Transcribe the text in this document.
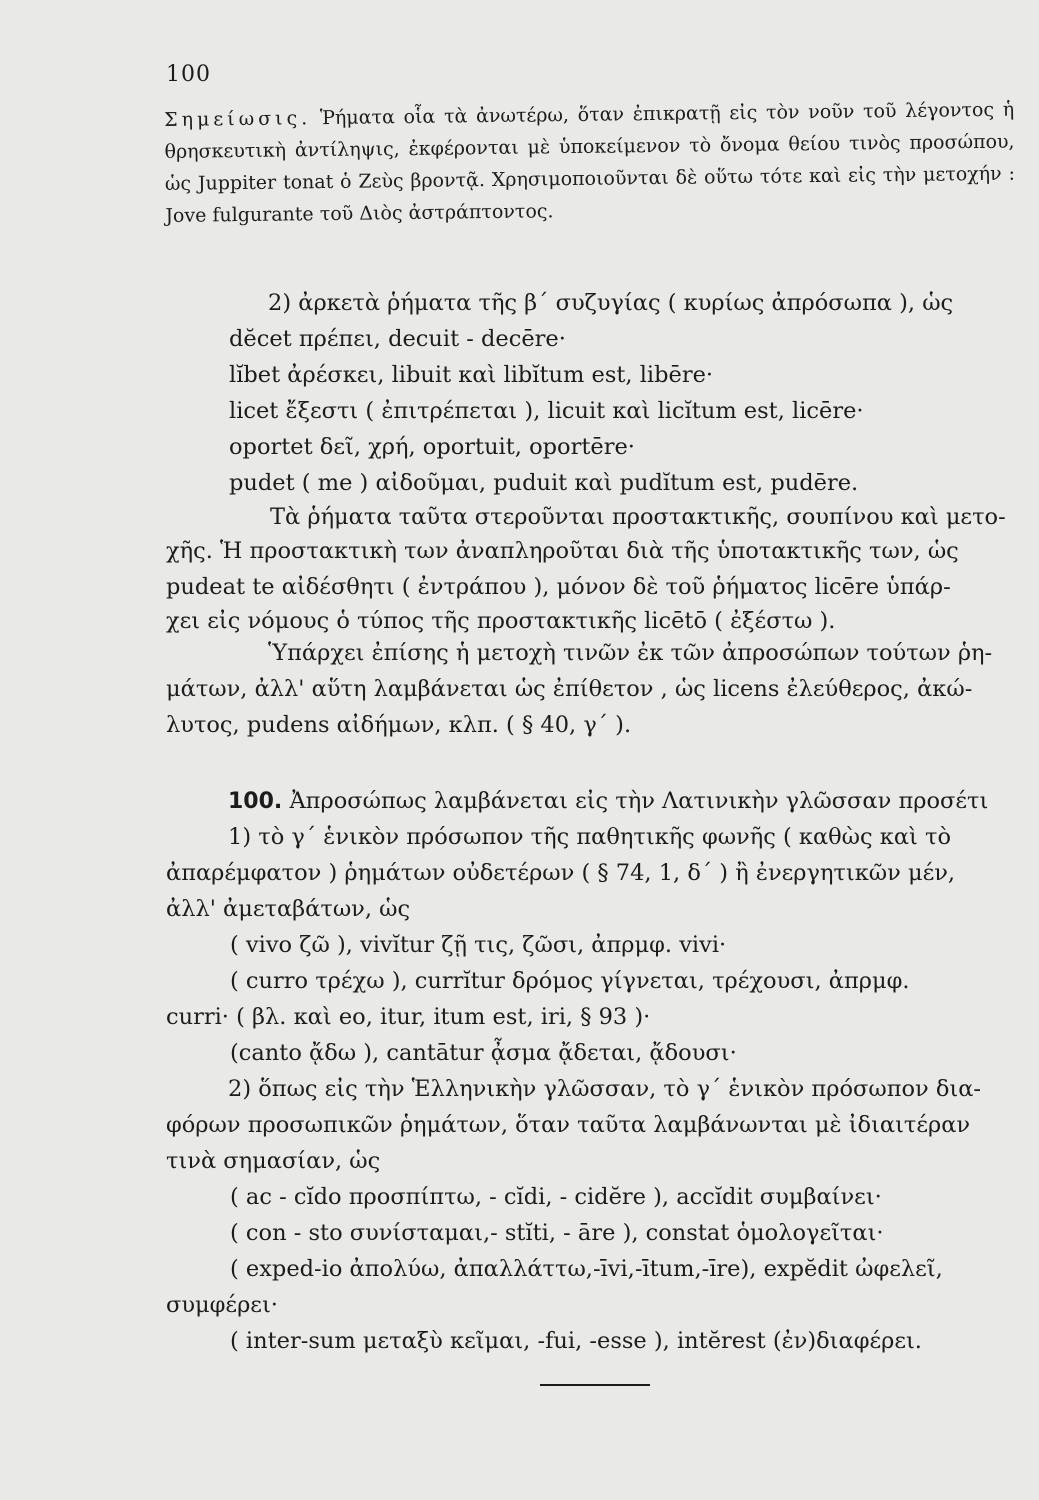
100
Σημείωσις. Ῥήματα οἷα τὰ ἀνωτέρω, ὅταν ἐπικρατῇ εἰς τὸν νοῦν τοῦ λέγοντος ἡ θρησκευτικὴ ἀντίληψις, ἐκφέρονται μὲ ὑποκείμενον τὸ ὄνομα θείου τινὸς προσώπου, ὡς Juppiter tonat ὁ Ζεὺς βροντᾷ. Χρησιμοποιοῦνται δὲ οὕτω τότε καὶ εἰς τὴν μετοχήν : Jove fulgurante τοῦ Διὸς ἀστράπτοντος.
2) ἀρκετὰ ῥήματα τῆς β΄ συζυγίας ( κυρίως ἀπρόσωπα ), ὡς
dĕcet πρέπει, decuit - decēre·
lĭbet ἀρέσκει, libuit καὶ libĭtum est, libēre·
licet ἔξεστι ( ἐπιτρέπεται ), licuit καὶ licĭtum est, licēre·
oportet δεῖ, χρή, oportuit, oportēre·
pudet ( me ) αἰδοῦμαι, puduit καὶ pudĭtum est, pudēre.
Τὰ ῥήματα ταῦτα στεροῦνται προστακτικῆς, σουπίνου καὶ μετο-
χῆς. Ἡ προστακτικὴ των ἀναπληροῦται διὰ τῆς ὑποτακτικῆς των, ὡς
pudeat te αἰδέσθητι ( ἐντράπου ), μόνον δὲ τοῦ ῥήματος licēre ὑπάρ-
χει εἰς νόμους ὁ τύπος τῆς προστακτικῆς licētō ( ἐξέστω ).
Ὑπάρχει ἐπίσης ἡ μετοχὴ τινῶν ἐκ τῶν ἀπροσώπων τούτων ῥη-
μάτων, ἀλλ' αὕτη λαμβάνεται ὡς ἐπίθετον , ὡς licens ἐλεύθερος, ἀκώ-
λυτος, pudens αἰδήμων, κλπ. ( § 40, γ΄ ).
100. Ἀπροσώπως λαμβάνεται εἰς τὴν Λατινικὴν γλῶσσαν προσέτι
1) τὸ γ΄ ἑνικὸν πρόσωπον τῆς παθητικῆς φωνῆς ( καθὼς καὶ τὸ
ἀπαρέμφατον ) ῥημάτων οὐδετέρων ( § 74, 1, δ΄ ) ἢ ἐνεργητικῶν μέν,
ἀλλ' ἀμεταβάτων, ὡς
( vivo ζῶ ), vivĭtur ζῇ τις, ζῶσι, ἀπρμφ. vivi·
( curro τρέχω ), currĭtur δρόμος γίγνεται, τρέχουσι, ἀπρμφ.
curri· ( βλ. καὶ eo, itur, itum est, iri, § 93 )·
(canto ᾄδω ), cantātur ᾆσμα ᾄδεται, ᾄδουσι·
2) ὅπως εἰς τὴν Ἑλληνικὴν γλῶσσαν, τὸ γ΄ ἑνικὸν πρόσωπον δια-
φόρων προσωπικῶν ῥημάτων, ὅταν ταῦτα λαμβάνωνται μὲ ἰδιαιτέραν
τινὰ σημασίαν, ὡς
( ac - cĭdo προσπίπτω, - cĭdi, - cidĕre ), accĭdit συμβαίνει·
( con - sto συνίσταμαι,- stĭti, - āre ), constat ὁμολογεῖται·
( exped-io ἀπολύω, ἀπαλλάττω,-īvi,-ītum,-īre), expĕdit ὠφελεῖ,
συμφέρει·
( inter-sum μεταξὺ κεῖμαι, -fui, -esse ), intĕrest (ἐν)διαφέρει.
